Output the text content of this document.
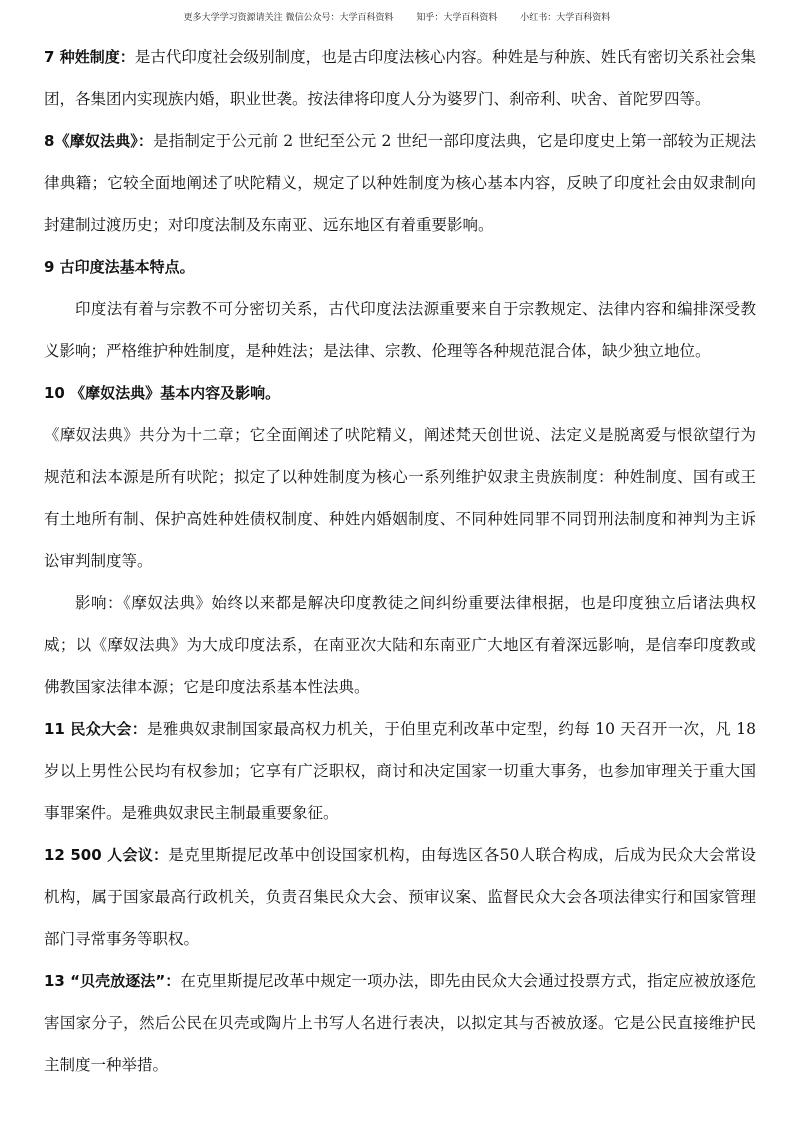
更多大学学习资源请关注 微信公众号：大学百科资料        知乎：大学百科资料        小红书：大学百科资料

7 种姓制度：是古代印度社会级别制度，也是古印度法核心内容。种姓是与种族、姓氏有密切关系社会集团，各集团内实现族内婚，职业世袭。按法律将印度人分为婆罗门、刹帝利、吠舍、首陀罗四等。

8《摩奴法典》：是指制定于公元前 2 世纪至公元 2 世纪一部印度法典，它是印度史上第一部较为正规法律典籍；它较全面地阐述了吠陀精义，规定了以种姓制度为核心基本内容，反映了印度社会由奴隶制向封建制过渡历史；对印度法制及东南亚、远东地区有着重要影响。

9 古印度法基本特点。

印度法有着与宗教不可分密切关系，古代印度法法源重要来自于宗教规定、法律内容和编排深受教义影响；严格维护种姓制度，是种姓法；是法律、宗教、伦理等各种规范混合体，缺少独立地位。

10 《摩奴法典》基本内容及影响。

《摩奴法典》共分为十二章；它全面阐述了吠陀精义，阐述梵天创世说、法定义是脱离爱与恨欲望行为规范和法本源是所有吠陀；拟定了以种姓制度为核心一系列维护奴隶主贵族制度：种姓制度、国有或王有土地所有制、保护高姓种姓债权制度、种姓内婚姻制度、不同种姓同罪不同罚刑法制度和神判为主诉讼审判制度等。

影响：《摩奴法典》始终以来都是解决印度教徒之间纠纷重要法律根据，也是印度独立后诸法典权威；以《摩奴法典》为大成印度法系，在南亚次大陆和东南亚广大地区有着深远影响，是信奉印度教或佛教国家法律本源；它是印度法系基本性法典。

11 民众大会：是雅典奴隶制国家最高权力机关，于伯里克利改革中定型，约每 10 天召开一次，凡 18 岁以上男性公民均有权参加；它享有广泛职权，商讨和决定国家一切重大事务，也参加审理关于重大国事罪案件。是雅典奴隶民主制最重要象征。

12 500 人会议：是克里斯提尼改革中创设国家机构，由每选区各50人联合构成，后成为民众大会常设机构，属于国家最高行政机关，负责召集民众大会、预审议案、监督民众大会各项法律实行和国家管理部门寻常事务等职权。

13 “贝壳放逐法”：在克里斯提尼改革中规定一项办法，即先由民众大会通过投票方式，指定应被放逐危害国家分子，然后公民在贝壳或陶片上书写人名进行表决，以拟定其与否被放逐。它是公民直接维护民主制度一种举措。
